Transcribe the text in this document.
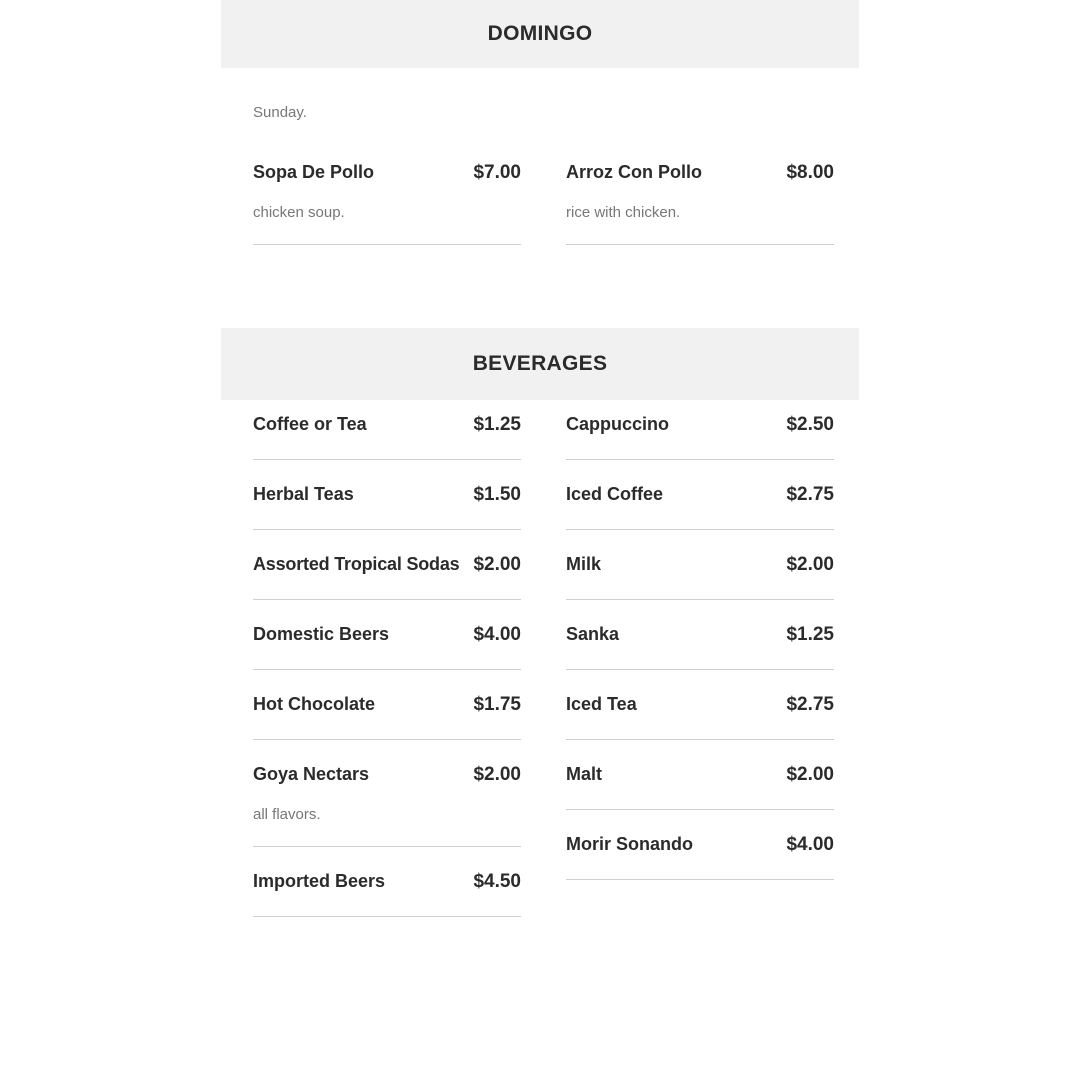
DOMINGO

Sunday.

Sopa De Pollo	$7.00
chicken soup.
Arroz Con Pollo	$8.00
rice with chicken.
BEVERAGES
Coffee or Tea	$1.25
Herbal Teas	$1.50
Assorted Tropical Sodas $2.00
Domestic Beers	$4.00
Hot Chocolate	$1.75
Goya Nectars	$2.00
all flavors.
Imported Beers	$4.50
Cappuccino	$2.50
Iced Coffee	$2.75
Milk	$2.00
Sanka	$1.25
Iced Tea	$2.75
Malt	$2.00
Morir Sonando	$4.00
